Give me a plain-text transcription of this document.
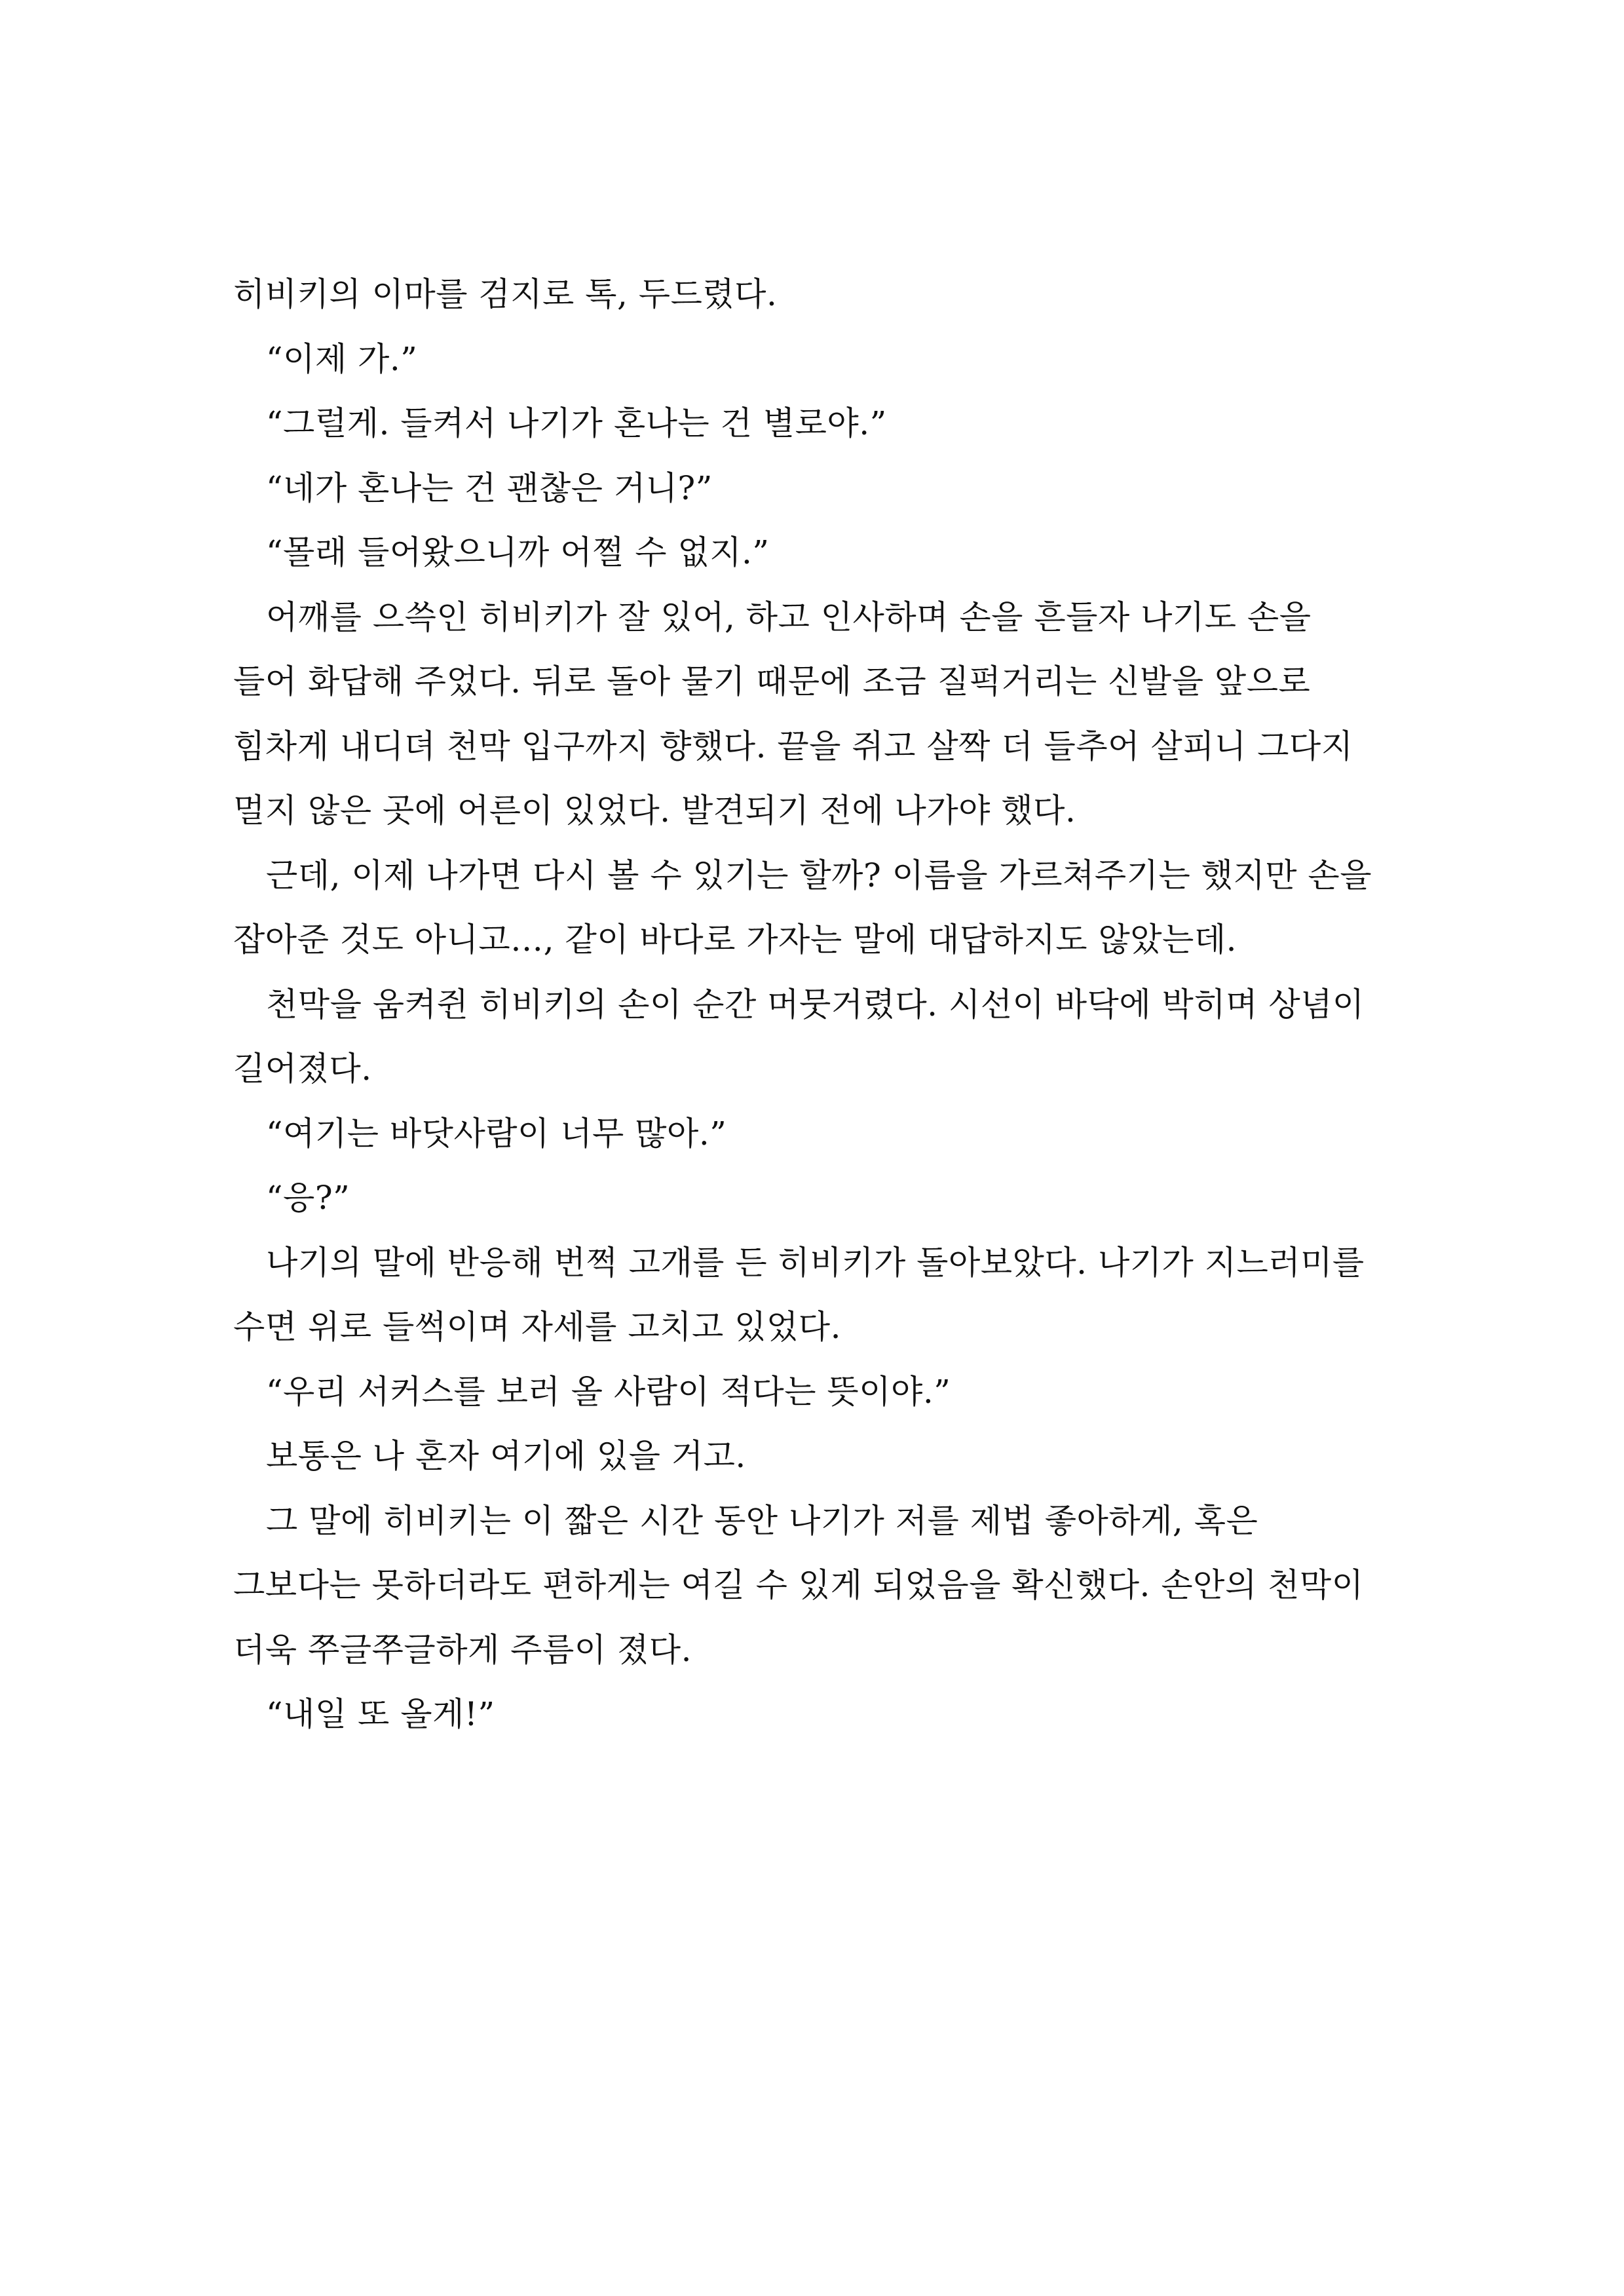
히비키의 이마를 검지로 톡, 두드렸다.
“이제 가.”
“그럴게. 들켜서 나기가 혼나는 건 별로야.”
“네가 혼나는 건 괜찮은 거니?”
“몰래 들어왔으니까 어쩔 수 없지.”
어깨를 으쓱인 히비키가 잘 있어, 하고 인사하며 손을 흔들자 나기도 손을
들어 화답해 주었다. 뒤로 돌아 물기 때문에 조금 질퍽거리는 신발을 앞으로
힘차게 내디뎌 천막 입구까지 향했다. 끝을 쥐고 살짝 더 들추어 살피니 그다지
멀지 않은 곳에 어른이 있었다. 발견되기 전에 나가야 했다.
근데, 이제 나가면 다시 볼 수 있기는 할까? 이름을 가르쳐주기는 했지만 손을
잡아준 것도 아니고…, 같이 바다로 가자는 말에 대답하지도 않았는데.
천막을 움켜쥔 히비키의 손이 순간 머뭇거렸다. 시선이 바닥에 박히며 상념이
길어졌다.
“여기는 바닷사람이 너무 많아.”
“응?”
나기의 말에 반응해 번쩍 고개를 든 히비키가 돌아보았다. 나기가 지느러미를
수면 위로 들썩이며 자세를 고치고 있었다.
“우리 서커스를 보러 올 사람이 적다는 뜻이야.”
보통은 나 혼자 여기에 있을 거고.
그 말에 히비키는 이 짧은 시간 동안 나기가 저를 제법 좋아하게, 혹은
그보다는 못하더라도 편하게는 여길 수 있게 되었음을 확신했다. 손안의 천막이
더욱 쭈글쭈글하게 주름이 졌다.
“내일 또 올게!”
